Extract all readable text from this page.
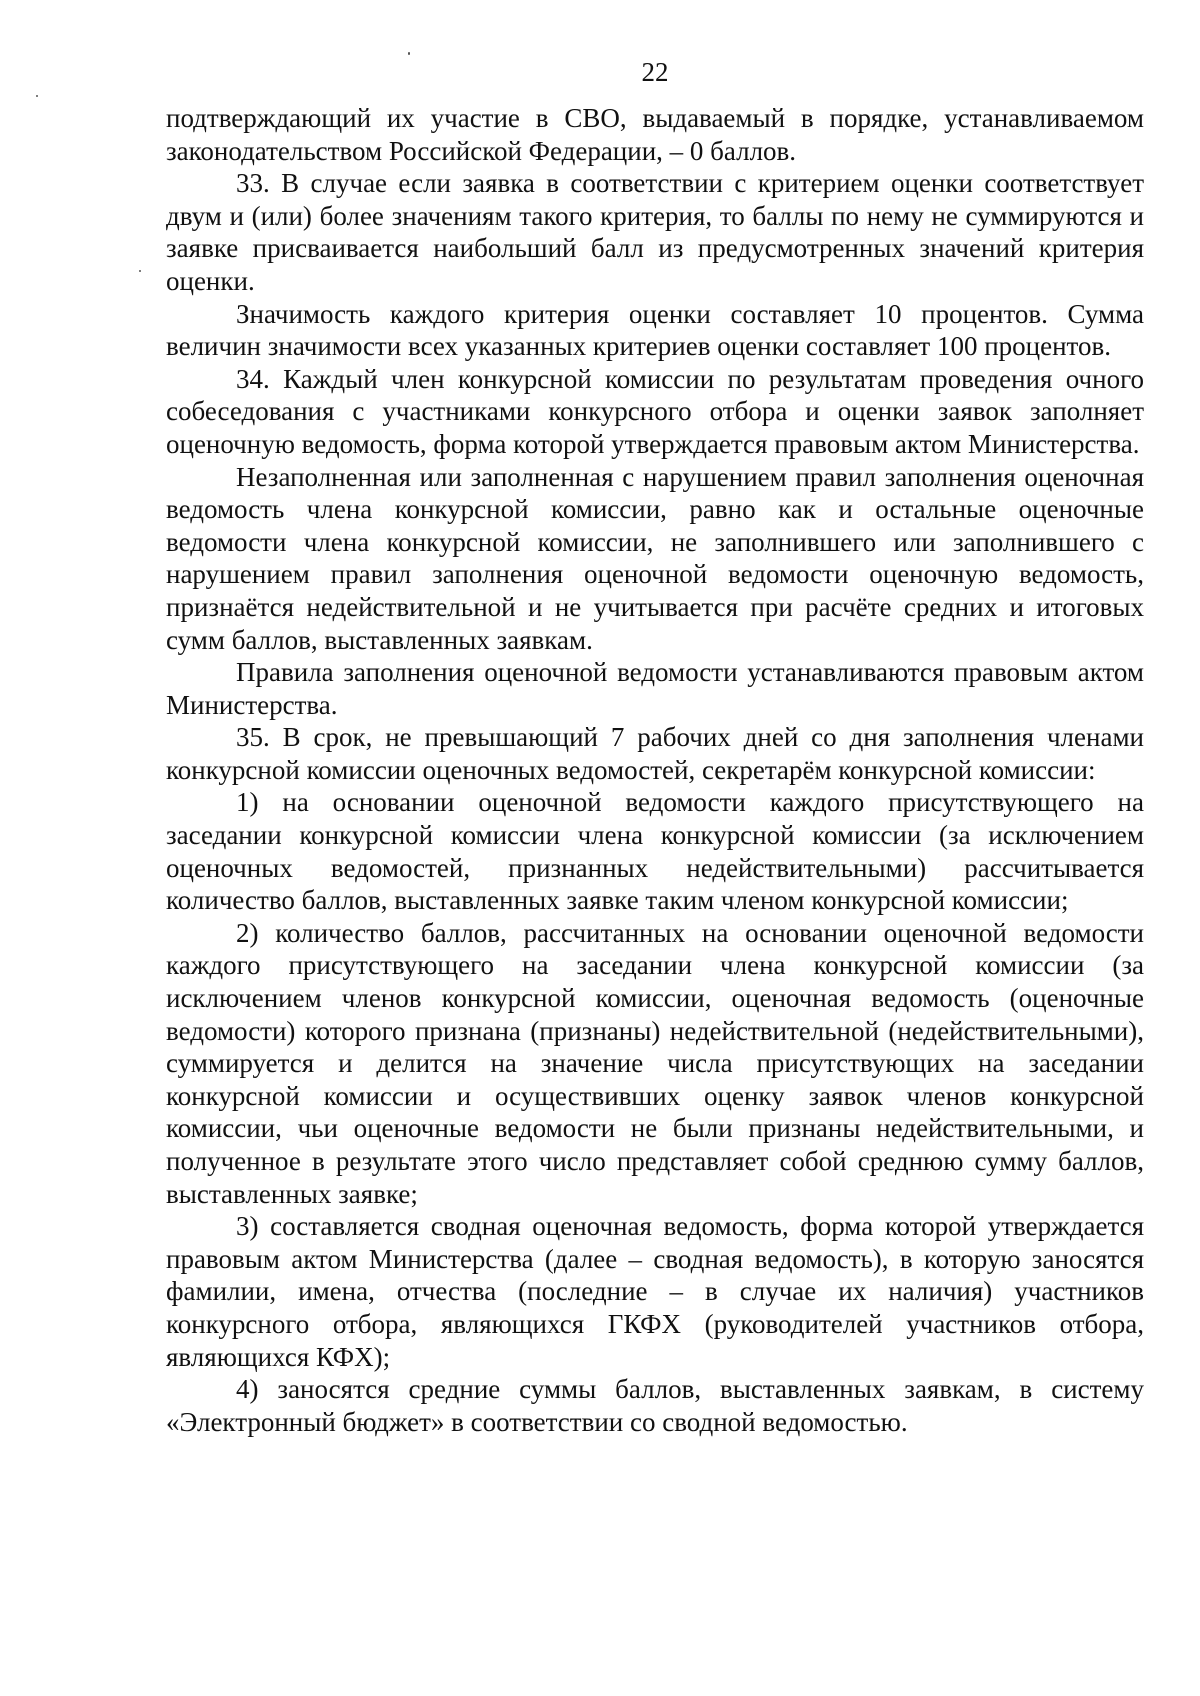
22

подтверждающий их участие в СВО, выдаваемый в порядке, устанавливаемом законодательством Российской Федерации, – 0 баллов.

33. В случае если заявка в соответствии с критерием оценки соответствует двум и (или) более значениям такого критерия, то баллы по нему не суммируются и заявке присваивается наибольший балл из предусмотренных значений критерия оценки.

Значимость каждого критерия оценки составляет 10 процентов. Сумма величин значимости всех указанных критериев оценки составляет 100 процентов.

34. Каждый член конкурсной комиссии по результатам проведения очного собеседования с участниками конкурсного отбора и оценки заявок заполняет оценочную ведомость, форма которой утверждается правовым актом Министерства.

Незаполненная или заполненная с нарушением правил заполнения оценочная ведомость члена конкурсной комиссии, равно как и остальные оценочные ведомости члена конкурсной комиссии, не заполнившего или заполнившего с нарушением правил заполнения оценочной ведомости оценочную ведомость, признаётся недействительной и не учитывается при расчёте средних и итоговых сумм баллов, выставленных заявкам.

Правила заполнения оценочной ведомости устанавливаются правовым актом Министерства.

35. В срок, не превышающий 7 рабочих дней со дня заполнения членами конкурсной комиссии оценочных ведомостей, секретарём конкурсной комиссии:

1) на основании оценочной ведомости каждого присутствующего на заседании конкурсной комиссии члена конкурсной комиссии (за исключением оценочных ведомостей, признанных недействительными) рассчитывается количество баллов, выставленных заявке таким членом конкурсной комиссии;

2) количество баллов, рассчитанных на основании оценочной ведомости каждого присутствующего на заседании члена конкурсной комиссии (за исключением членов конкурсной комиссии, оценочная ведомость (оценочные ведомости) которого признана (признаны) недействительной (недействительными), суммируется и делится на значение числа присутствующих на заседании конкурсной комиссии и осуществивших оценку заявок членов конкурсной комиссии, чьи оценочные ведомости не были признаны недействительными, и полученное в результате этого число представляет собой среднюю сумму баллов, выставленных заявке;

3) составляется сводная оценочная ведомость, форма которой утверждается правовым актом Министерства (далее – сводная ведомость), в которую заносятся фамилии, имена, отчества (последние – в случае их наличия) участников конкурсного отбора, являющихся ГКФХ (руководителей участников отбора, являющихся КФХ);

4) заносятся средние суммы баллов, выставленных заявкам, в систему «Электронный бюджет» в соответствии со сводной ведомостью.
